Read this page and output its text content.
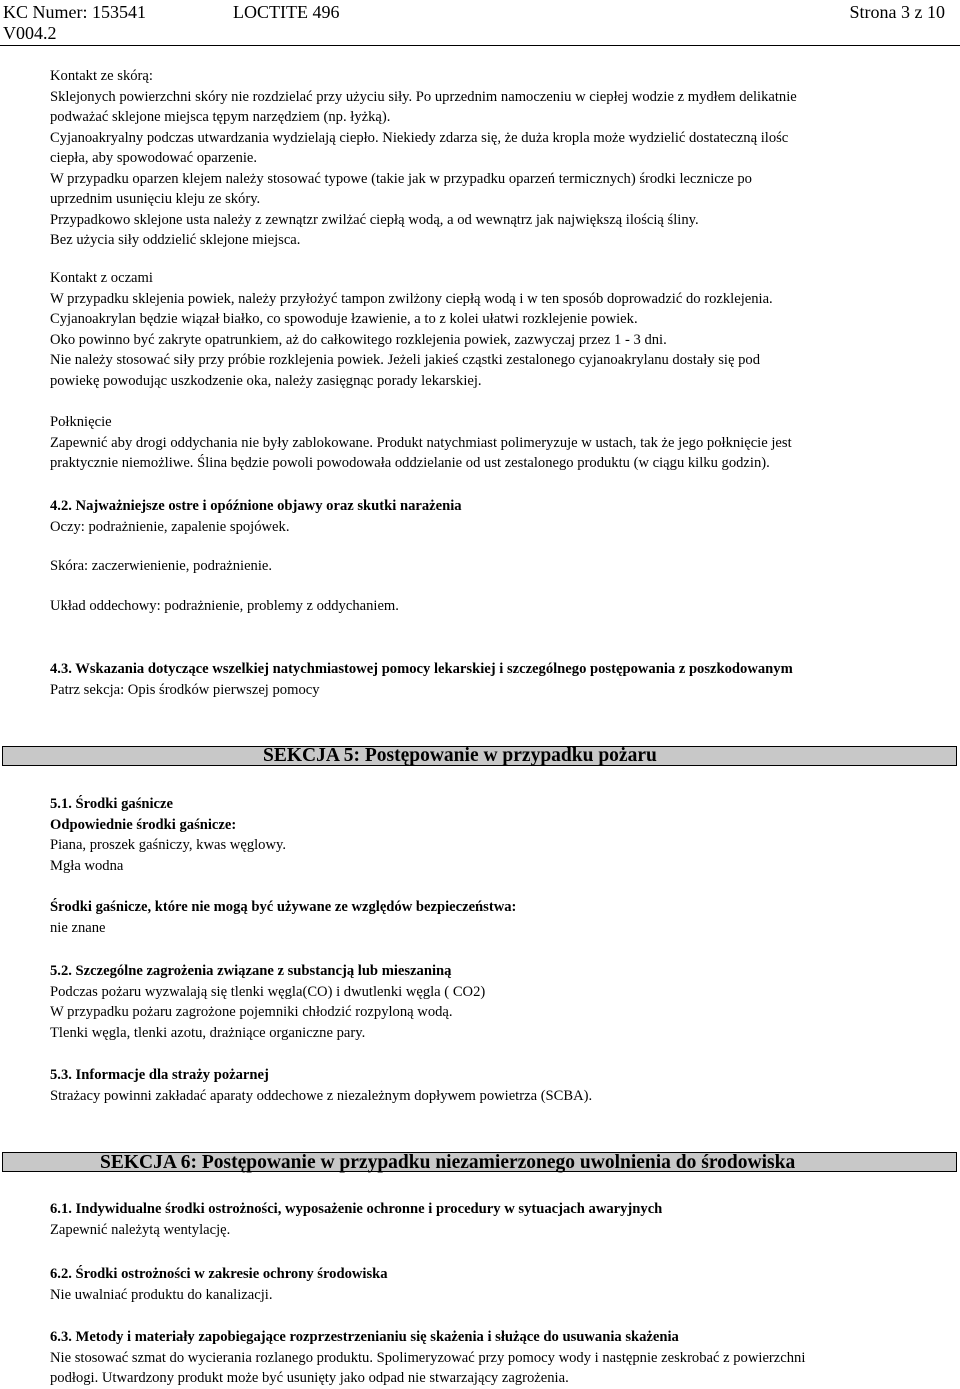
KC Numer: 153541	LOCTITE 496	Strona 3 z 10
V004.2
Kontakt ze skórą:
Sklejonych powierzchni skóry nie rozdzielać przy użyciu siły. Po uprzednim namoczeniu w ciepłej wodzie z mydłem delikatnie
podważać sklejone miejsca tępym narzędziem (np. łyżką).
Cyjanoakryalny podczas utwardzania wydzielają ciepło. Niekiedy zdarza się, że duża kropla może wydzielić dostateczną ilośc
ciepła, aby spowodować oparzenie.
W przypadku oparzen klejem należy stosować typowe (takie jak w przypadku oparzeń termicznych) środki lecznicze po
uprzednim usunięciu kleju ze skóry.
Przypadkowo sklejone usta należy z zewnątzr zwilżać ciepłą wodą, a od wewnątrz jak największą ilością śliny.
Bez użycia siły oddzielić sklejone miejsca.
Kontakt z oczami
W przypadku sklejenia powiek, należy przyłożyć tampon zwilżony ciepłą wodą i w ten sposób doprowadzić do rozklejenia.
Cyjanoakrylan będzie wiązał białko, co spowoduje łzawienie, a to z kolei ułatwi rozklejenie powiek.
Oko powinno być zakryte opatrunkiem, aż do całkowitego rozklejenia powiek, zazwyczaj przez 1 - 3 dni.
Nie należy stosować siły przy próbie rozklejenia powiek. Jeżeli jakieś cząstki zestalonego cyjanoakrylanu dostały się pod
powiekę powodując uszkodzenie oka, należy zasięgnąc porady lekarskiej.
Połknięcie
Zapewnić aby drogi oddychania nie były zablokowane. Produkt natychmiast polimeryzuje w ustach, tak że jego połknięcie jest
praktycznie niemożliwe. Ślina będzie powoli powodowała oddzielanie od ust zestalonego produktu (w ciągu kilku godzin).
4.2. Najważniejsze ostre i opóźnione objawy oraz skutki narażenia
Oczy: podrażnienie, zapalenie spojówek.
Skóra: zaczerwienienie, podrażnienie.
Układ oddechowy: podrażnienie, problemy z oddychaniem.
4.3. Wskazania dotyczące wszelkiej natychmiastowej pomocy lekarskiej i szczególnego postępowania z poszkodowanym
Patrz sekcja: Opis środków pierwszej pomocy
SEKCJA 5: Postępowanie w przypadku pożaru
5.1. Środki gaśnicze
Odpowiednie środki gaśnicze:
Piana, proszek gaśniczy, kwas węglowy.
Mgła wodna
Środki gaśnicze, które nie mogą być używane ze względów bezpieczeństwa:
nie znane
5.2. Szczególne zagrożenia związane z substancją lub mieszaniną
Podczas pożaru wyzwalają się tlenki węgla(CO) i dwutlenki węgla ( CO2)
W przypadku pożaru zagrożone pojemniki chłodzić rozpyloną wodą.
Tlenki węgla, tlenki azotu, drażniące organiczne pary.
5.3. Informacje dla straży pożarnej
Strażacy powinni zakładać aparaty oddechowe z niezależnym dopływem powietrza (SCBA).
SEKCJA 6: Postępowanie w przypadku niezamierzonego uwolnienia do środowiska
6.1. Indywidualne środki ostrożności, wyposażenie ochronne i procedury w sytuacjach awaryjnych
Zapewnić należytą wentylację.
6.2. Środki ostrożności w zakresie ochrony środowiska
Nie uwalniać produktu do kanalizacji.
6.3. Metody i materiały zapobiegające rozprzestrzenianiu się skażenia i służące do usuwania skażenia
Nie stosować szmat do wycierania rozlanego produktu. Spolimeryzować przy pomocy wody i następnie zeskrobać z powierzchni
podłogi. Utwardzony produkt może być usunięty jako odpad nie stwarzający zagrożenia.
